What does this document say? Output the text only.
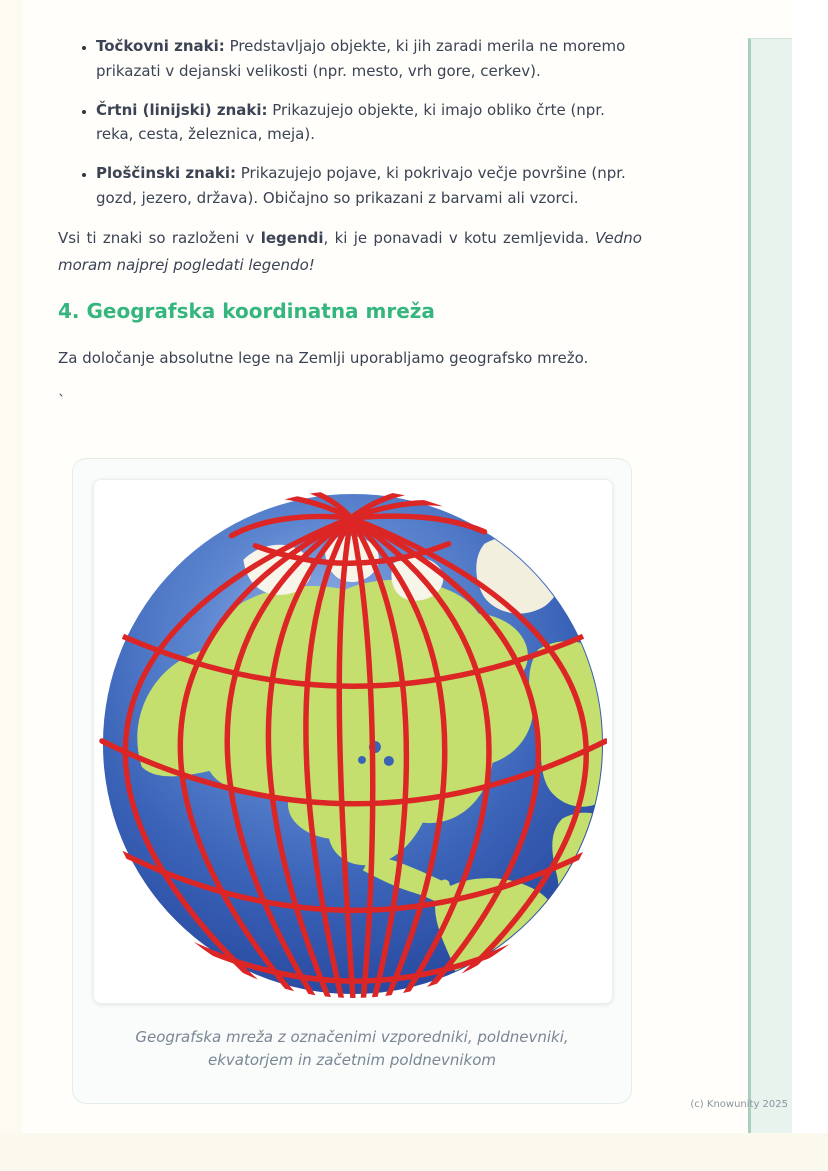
• Točkovni znaki: Predstavljajo objekte, ki jih zaradi merila ne moremo prikazati v dejanski velikosti (npr. mesto, vrh gore, cerkev).
• Črtni (linijski) znaki: Prikazujejo objekte, ki imajo obliko črte (npr. reka, cesta, železnica, meja).
• Ploščinski znaki: Prikazujejo pojave, ki pokrivajo večje površine (npr. gozd, jezero, država). Običajno so prikazani z barvami ali vzorci.

Vsi ti znaki so razloženi v legendi, ki je ponavadi v kotu zemljevida. Vedno moram najprej pogledati legendo!

4. Geografska koordinatna mreža

Za določanje absolutne lege na Zemlji uporabljamo geografsko mrežo.

`

Geografska mreža z označenimi vzporedniki, poldnevniki, ekvatorjem in začetnim poldnevnikom
(c) Knowunity 2025
